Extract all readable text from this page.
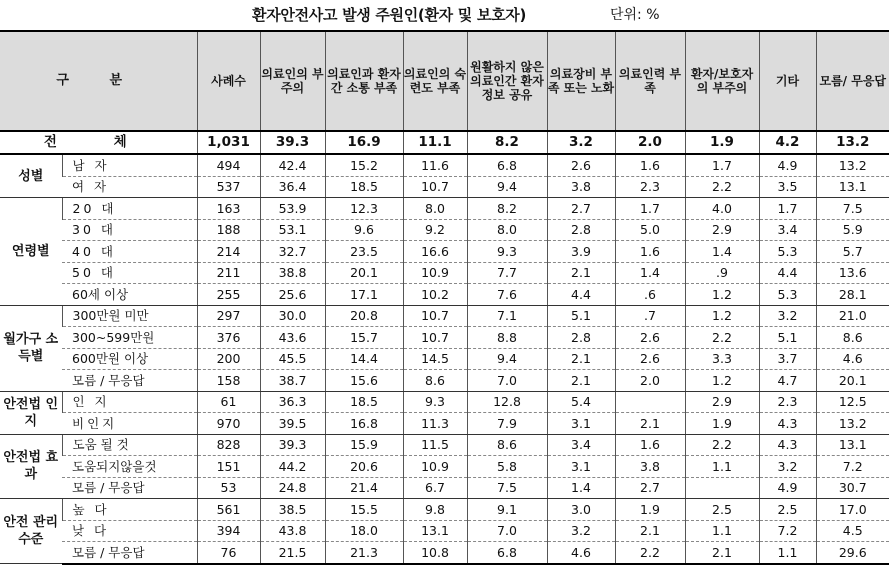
환자안전사고 발생 주원인(환자 및 보호자)	단위: %
구 분		사례수	의료인의 부주의	의료인과 환자간 소통 부족	의료인의 숙련도 부족	원활하지 않은 의료인간 환자정보 공유	의료장비 부족 또는 노화	의료인력 부족	환자/보호자의 부주의	기타	모름/ 무응답
전 체		1,031	39.3	16.9	11.1	8.2	3.2	2.0	1.9	4.2	13.2
성별	남 자	494	42.4	15.2	11.6	6.8	2.6	1.6	1.7	4.9	13.2
	여 자	537	36.4	18.5	10.7	9.4	3.8	2.3	2.2	3.5	13.1
연령별	20 대	163	53.9	12.3	8.0	8.2	2.7	1.7	4.0	1.7	7.5
	30 대	188	53.1	9.6	9.2	8.0	2.8	5.0	2.9	3.4	5.9
	40 대	214	32.7	23.5	16.6	9.3	3.9	1.6	1.4	5.3	5.7
	50 대	211	38.8	20.1	10.9	7.7	2.1	1.4	.9	4.4	13.6
	60세 이상	255	25.6	17.1	10.2	7.6	4.4	.6	1.2	5.3	28.1
월가구 소득별	300만원 미만	297	30.0	20.8	10.7	7.1	5.1	.7	1.2	3.2	21.0
	300~599만원	376	43.6	15.7	10.7	8.8	2.8	2.6	2.2	5.1	8.6
	600만원 이상	200	45.5	14.4	14.5	9.4	2.1	2.6	3.3	3.7	4.6
	모름 / 무응답	158	38.7	15.6	8.6	7.0	2.1	2.0	1.2	4.7	20.1
안전법 인지	인 지	61	36.3	18.5	9.3	12.8	5.4		2.9	2.3	12.5
	비인지	970	39.5	16.8	11.3	7.9	3.1	2.1	1.9	4.3	13.2
안전법 효과	도움 될 것	828	39.3	15.9	11.5	8.6	3.4	1.6	2.2	4.3	13.1
	도움되지않을것	151	44.2	20.6	10.9	5.8	3.1	3.8	1.1	3.2	7.2
	모름 / 무응답	53	24.8	21.4	6.7	7.5	1.4	2.7		4.9	30.7
안전 관리 수준	높 다	561	38.5	15.5	9.8	9.1	3.0	1.9	2.5	2.5	17.0
	낮 다	394	43.8	18.0	13.1	7.0	3.2	2.1	1.1	7.2	4.5
	모름 / 무응답	76	21.5	21.3	10.8	6.8	4.6	2.2	2.1	1.1	29.6
